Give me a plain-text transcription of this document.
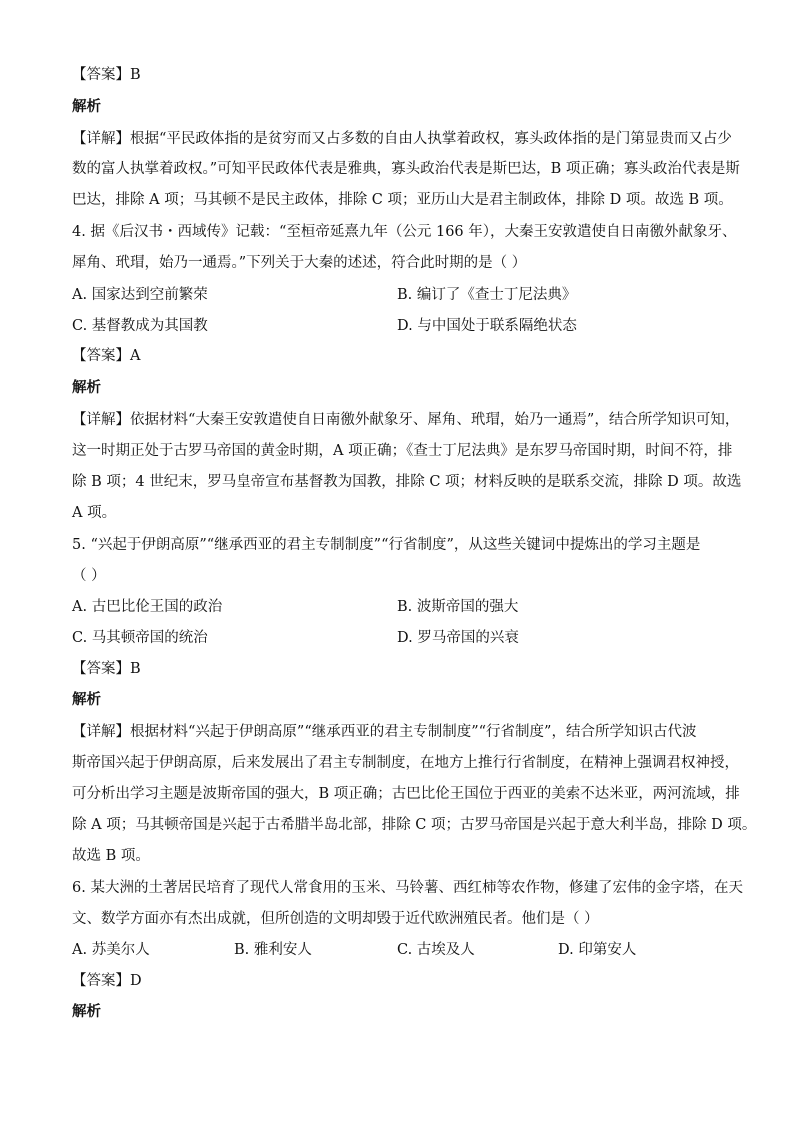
【答案】B
解析
【详解】根据“平民政体指的是贫穷而又占多数的自由人执掌着政权，寡头政体指的是门第显贵而又占少
数的富人执掌着政权。”可知平民政体代表是雅典，寡头政治代表是斯巴达，B 项正确；寡头政治代表是斯
巴达，排除 A 项；马其顿不是民主政体，排除 C 项；亚历山大是君主制政体，排除 D 项。故选 B 项。
4. 据《后汉书・西域传》记载：“至桓帝延熹九年（公元 166 年），大秦王安敦遣使自日南徼外献象牙、
犀角、玳瑁，始乃一通焉。”下列关于大秦的述述，符合此时期的是（ ）
A. 国家达到空前繁荣	B. 编订了《查士丁尼法典》
C. 基督教成为其国教	D. 与中国处于联系隔绝状态
【答案】A
解析
【详解】依据材料“大秦王安敦遣使自日南徼外献象牙、犀角、玳瑁，始乃一通焉”，结合所学知识可知，
这一时期正处于古罗马帝国的黄金时期，A 项正确；《查士丁尼法典》是东罗马帝国时期，时间不符，排
除 B 项；4 世纪末，罗马皇帝宣布基督教为国教，排除 C 项；材料反映的是联系交流，排除 D 项。故选
A 项。
5. “兴起于伊朗高原”“继承西亚的君主专制制度”“行省制度”，从这些关键词中提炼出的学习主题是
（ ）
A. 古巴比伦王国的政治	B. 波斯帝国的强大
C. 马其顿帝国的统治	D. 罗马帝国的兴衰
【答案】B
解析
【详解】根据材料“兴起于伊朗高原”“继承西亚的君主专制制度”“行省制度”，结合所学知识古代波
斯帝国兴起于伊朗高原，后来发展出了君主专制制度，在地方上推行行省制度，在精神上强调君权神授，
可分析出学习主题是波斯帝国的强大，B 项正确；古巴比伦王国位于西亚的美索不达米亚，两河流域，排
除 A 项；马其顿帝国是兴起于古希腊半岛北部，排除 C 项；古罗马帝国是兴起于意大利半岛，排除 D 项。
故选 B 项。
6. 某大洲的土著居民培育了现代人常食用的玉米、马铃薯、西红柿等农作物，修建了宏伟的金字塔，在天
文、数学方面亦有杰出成就，但所创造的文明却毁于近代欧洲殖民者。他们是（ ）
A. 苏美尔人	B. 雅利安人	C. 古埃及人	D. 印第安人
【答案】D
解析
